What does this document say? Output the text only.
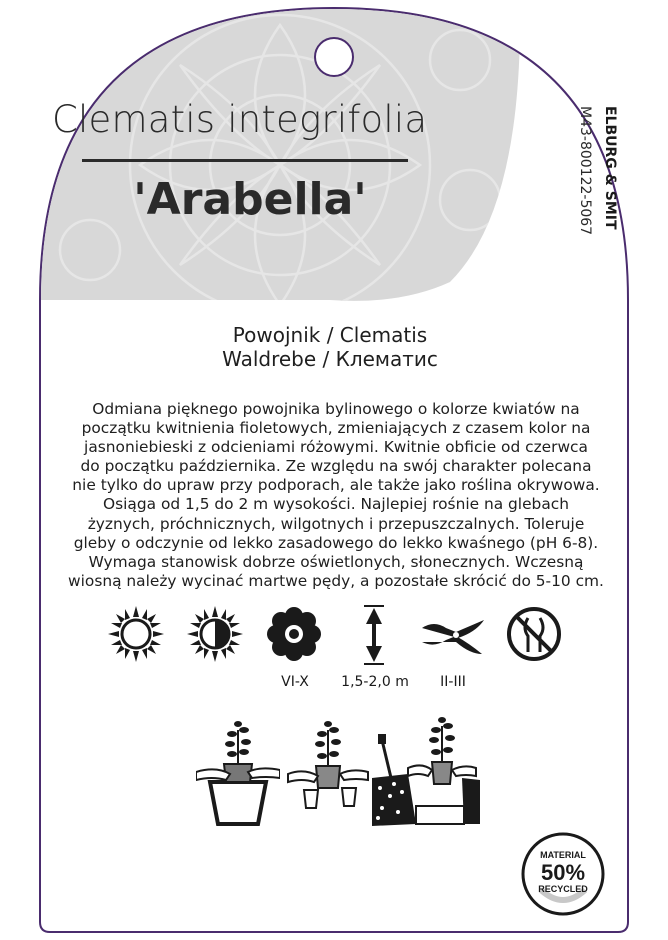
Clematis integrifolia
'Arabella'	ELBURG & SMIT
M43-800122-5067
Powojnik / Clematis
Waldrebe / Клематис

Odmiana pięknego powojnika bylinowego o kolorze kwiatów na
początku kwitnienia fioletowych, zmieniających z czasem kolor na
jasnoniebieski z odcieniami różowymi. Kwitnie obficie od czerwca
do początku października. Ze względu na swój charakter polecana
nie tylko do upraw przy podporach, ale także jako roślina okrywowa.
Osiąga od 1,5 do 2 m wysokości. Najlepiej rośnie na glebach
żyznych, próchnicznych, wilgotnych i przepuszczalnych. Toleruje
gleby o odczynie od lekko zasadowego do lekko kwaśnego (pH 6-8).
Wymaga stanowisk dobrze oświetlonych, słonecznych. Wczesną
wiosną należy wycinać martwe pędy, a pozostałe skrócić do 5-10 cm.

VI-X	1,5-2,0 m	II-III
MATERIAL
50%
RECYCLED
